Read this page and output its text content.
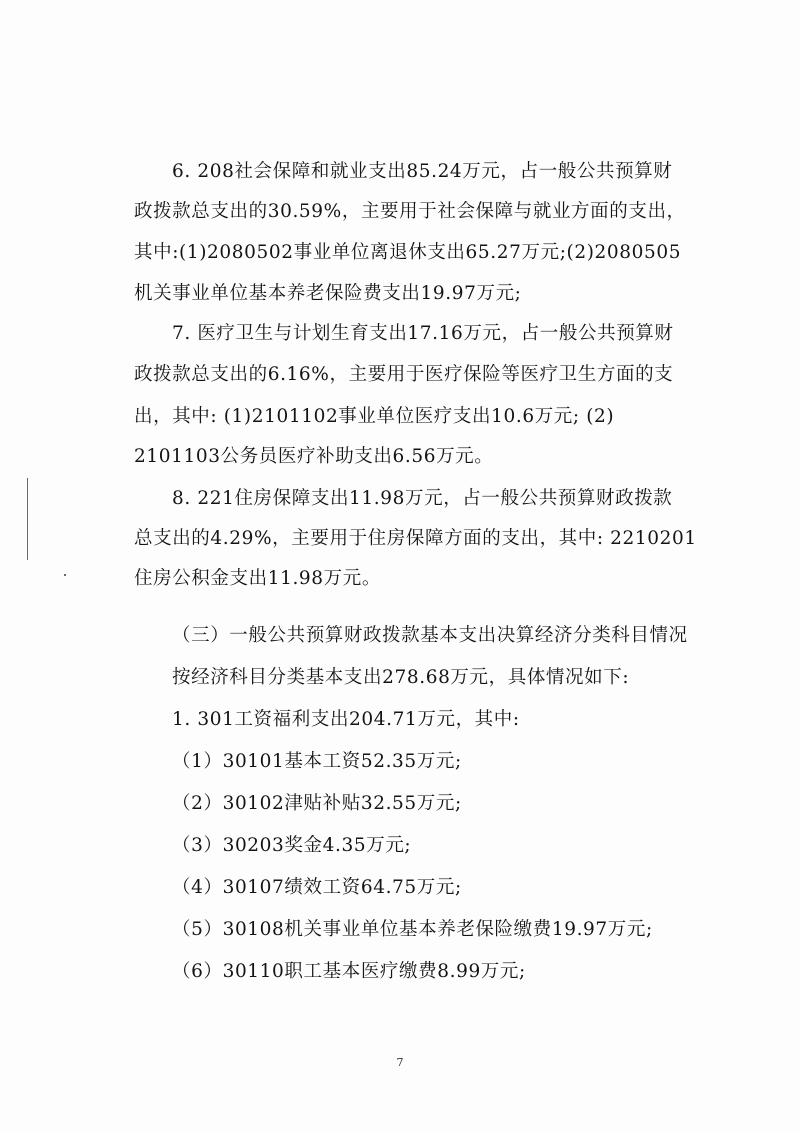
6. 208社会保障和就业支出85.24万元，占一般公共预算财
政拨款总支出的30.59%，主要用于社会保障与就业方面的支出，
其中:(1)2080502事业单位离退休支出65.27万元;(2)2080505
机关事业单位基本养老保险费支出19.97万元;
7. 医疗卫生与计划生育支出17.16万元，占一般公共预算财
政拨款总支出的6.16%，主要用于医疗保险等医疗卫生方面的支
出，其中: (1)2101102事业单位医疗支出10.6万元; (2)
2101103公务员医疗补助支出6.56万元。
8. 221住房保障支出11.98万元，占一般公共预算财政拨款
总支出的4.29%，主要用于住房保障方面的支出，其中: 2210201
住房公积金支出11.98万元。
（三）一般公共预算财政拨款基本支出决算经济分类科目情况
按经济科目分类基本支出278.68万元，具体情况如下:
1. 301工资福利支出204.71万元，其中:
（1）30101基本工资52.35万元;
（2）30102津贴补贴32.55万元;
（3）30203奖金4.35万元;
（4）30107绩效工资64.75万元;
（5）30108机关事业单位基本养老保险缴费19.97万元;
（6）30110职工基本医疗缴费8.99万元;
7
